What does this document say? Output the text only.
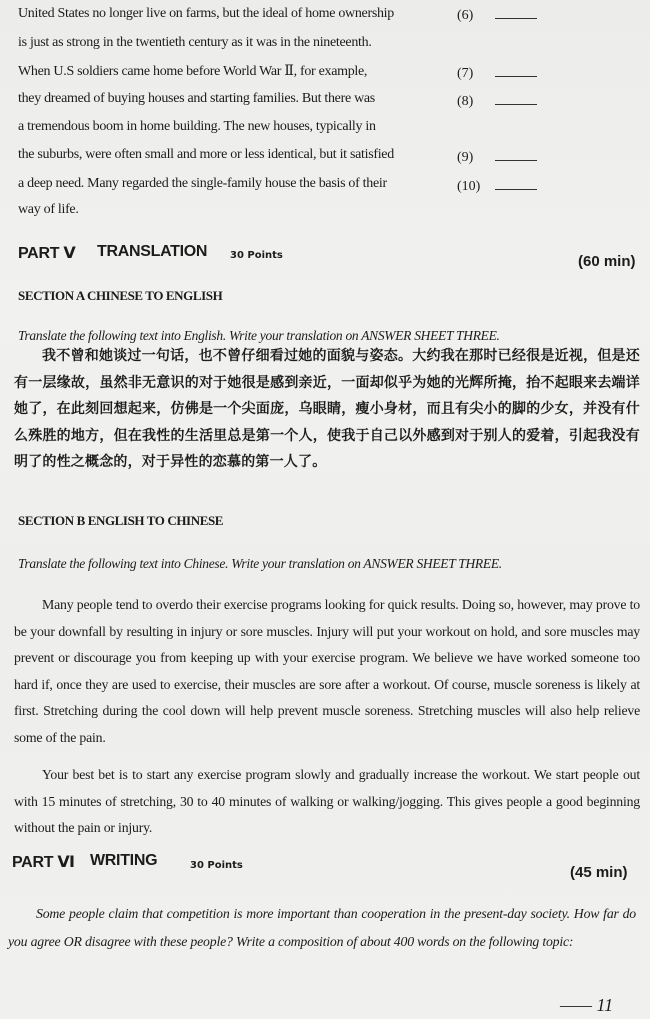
United States no longer live on farms, but the ideal of home ownership
is just as strong in the twentieth century as it was in the nineteenth.
When U.S soldiers came home before World War Ⅱ, for example,
they dreamed of buying houses and starting families. But there was
a tremendous boom in home building. The new houses, typically in
the suburbs, were often small and more or less identical, but it satisfied
a deep need. Many regarded the single-family house the basis of their
way of life.
(6)
(7)
(8)
(9)
(10)
PART Ⅴ TRANSLATION 30 Points	(60 min)
SECTION A CHINESE TO ENGLISH
Translate the following text into English. Write your translation on ANSWER SHEET THREE.
我不曾和她谈过一句话，也不曾仔细看过她的面貌与姿态。大约我在那时已经很是近视，但是还有一层缘故，虽然非无意识的对于她很是感到亲近，一面却似乎为她的光辉所掩，抬不起眼来去端详她了，在此刻回想起来，仿佛是一个尖面庞，乌眼睛，瘦小身材，而且有尖小的脚的少女，并没有什么殊胜的地方，但在我性的生活里总是第一个人，使我于自己以外感到对于别人的爱着，引起我没有明了的性之概念的，对于异性的恋慕的第一人了。
SECTION B ENGLISH TO CHINESE
Translate the following text into Chinese. Write your translation on ANSWER SHEET THREE.
Many people tend to overdo their exercise programs looking for quick results. Doing so, however, may prove to be your downfall by resulting in injury or sore muscles. Injury will put your workout on hold, and sore muscles may prevent or discourage you from keeping up with your exercise program. We believe we have worked someone too hard if, once they are used to exercise, their muscles are sore after a workout. Of course, muscle soreness is likely at first. Stretching during the cool down will help prevent muscle soreness. Stretching muscles will also help relieve some of the pain.
Your best bet is to start any exercise program slowly and gradually increase the workout. We start people out with 15 minutes of stretching, 30 to 40 minutes of walking or walking/jogging. This gives people a good beginning without the pain or injury.
PART Ⅵ WRITING	30 Points	(45 min)
Some people claim that competition is more important than cooperation in the present-day society. How far do you agree OR disagree with these people? Write a composition of about 400 words on the following topic:
—— 11
